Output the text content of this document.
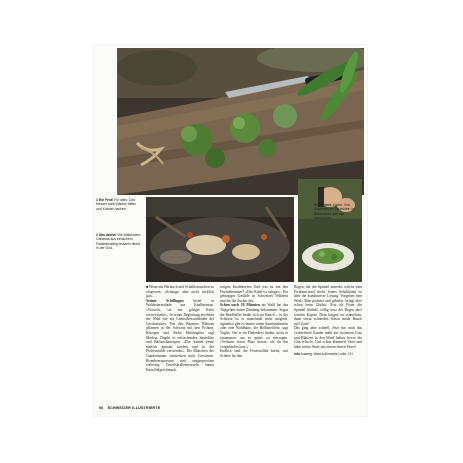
1 Ein Fest! Für alles: Das Messer kann Bäume fällen und Kräuter hacken.
2 Das darfst! Die Waldköche: Cabanas aus einfachem Fladenbrotteig brutzeln direkt in der Glut.
3 Gourmet- küche: Von Gourmets im Sauerklee: Im Bärlauchen darf das schmecken.

■ Wenn mit Bärlauch und Schäklotrauchen zu vergessen, «Schauge, aber nicht wirklich gut».

Seinen Schillingen	bietet er Waldesternsalade aus Knalbertmus. «Vorsicht, sie mit giftiger Kette verwechseln!». In seiner Begleitung erscheint der Wald wie ein Gemischtwarenladen der Geschmäcker. Von den Bäumen, Blättern pflanzen in der Schweiz mit den Fichten, Knospen und Säcke Häfelzapfen sagt Markus. Dagibt es erfrischenden Sauerklee und Bärlauchknospen. «Die Samen keine melrich genutzt werden und in die Pfeffermühle verwendet». Die Blättchen des Gundermanns schmecken nach Gewürzen. Brombeersprossen sind ausgesprochen vielseitig Teufelskrallenwurzeln hatten Kartoffelgeschmack.

rotigen Knabbereien Und was ist mit den Fischabenteuer? «Das Kuhe ist ruhiger». Ein gebirgiges Gefühle in Schweizer Wäldern und für die Zucker des

Schon nach 10 Minuten im Wald hat das Tripgehen einen Zündung bekommen. Sogar die Rindhälfte findet sich im Bauch – in der Schweiz ist es manchmal nicht möglich, irgendwo gibt es immer einen Ameisenhaufen oder eine Waldhütte, die Höflimeitlein, sagt Vogler. Vier er im Fladenbrot finden, sticht er zusammen, um es später zu entsorgen. «Verlasse einen Platz besser, als du ihn vorgefunden hast.»

Endlich sind die Feuerstellen bereit, mit Schnee für den

Bogen, dar die Spindel antreibt, welche eine Fichtenwurzel dreht, feuers Schaltknäul ist aber die kombinierte Lösung. Vorgehen eine Werk: Man probiert und gebührt, bringt aber schon beim Glutbis. Erst als Feuer die Spindel festbält, völlig trotz der Regen über werden Kaputt. Dein kingen zu schmelzen, dann streut schneiden Schon müde Rauch auf! Zach!

Das ging aber schnell. Jetzt nur noch das vorbereitete Zunder mehl aus trocknem Gras und Blättern in den Wind halten, bevor die Glut erlischt. Und schon klimmert Vater und habe weiter Stufe aus einem feinen Feuer!

Info Ausweg: Wald Außenseite Leiter, CH
96 SCHWEIZER ILLUSTRIERTE
